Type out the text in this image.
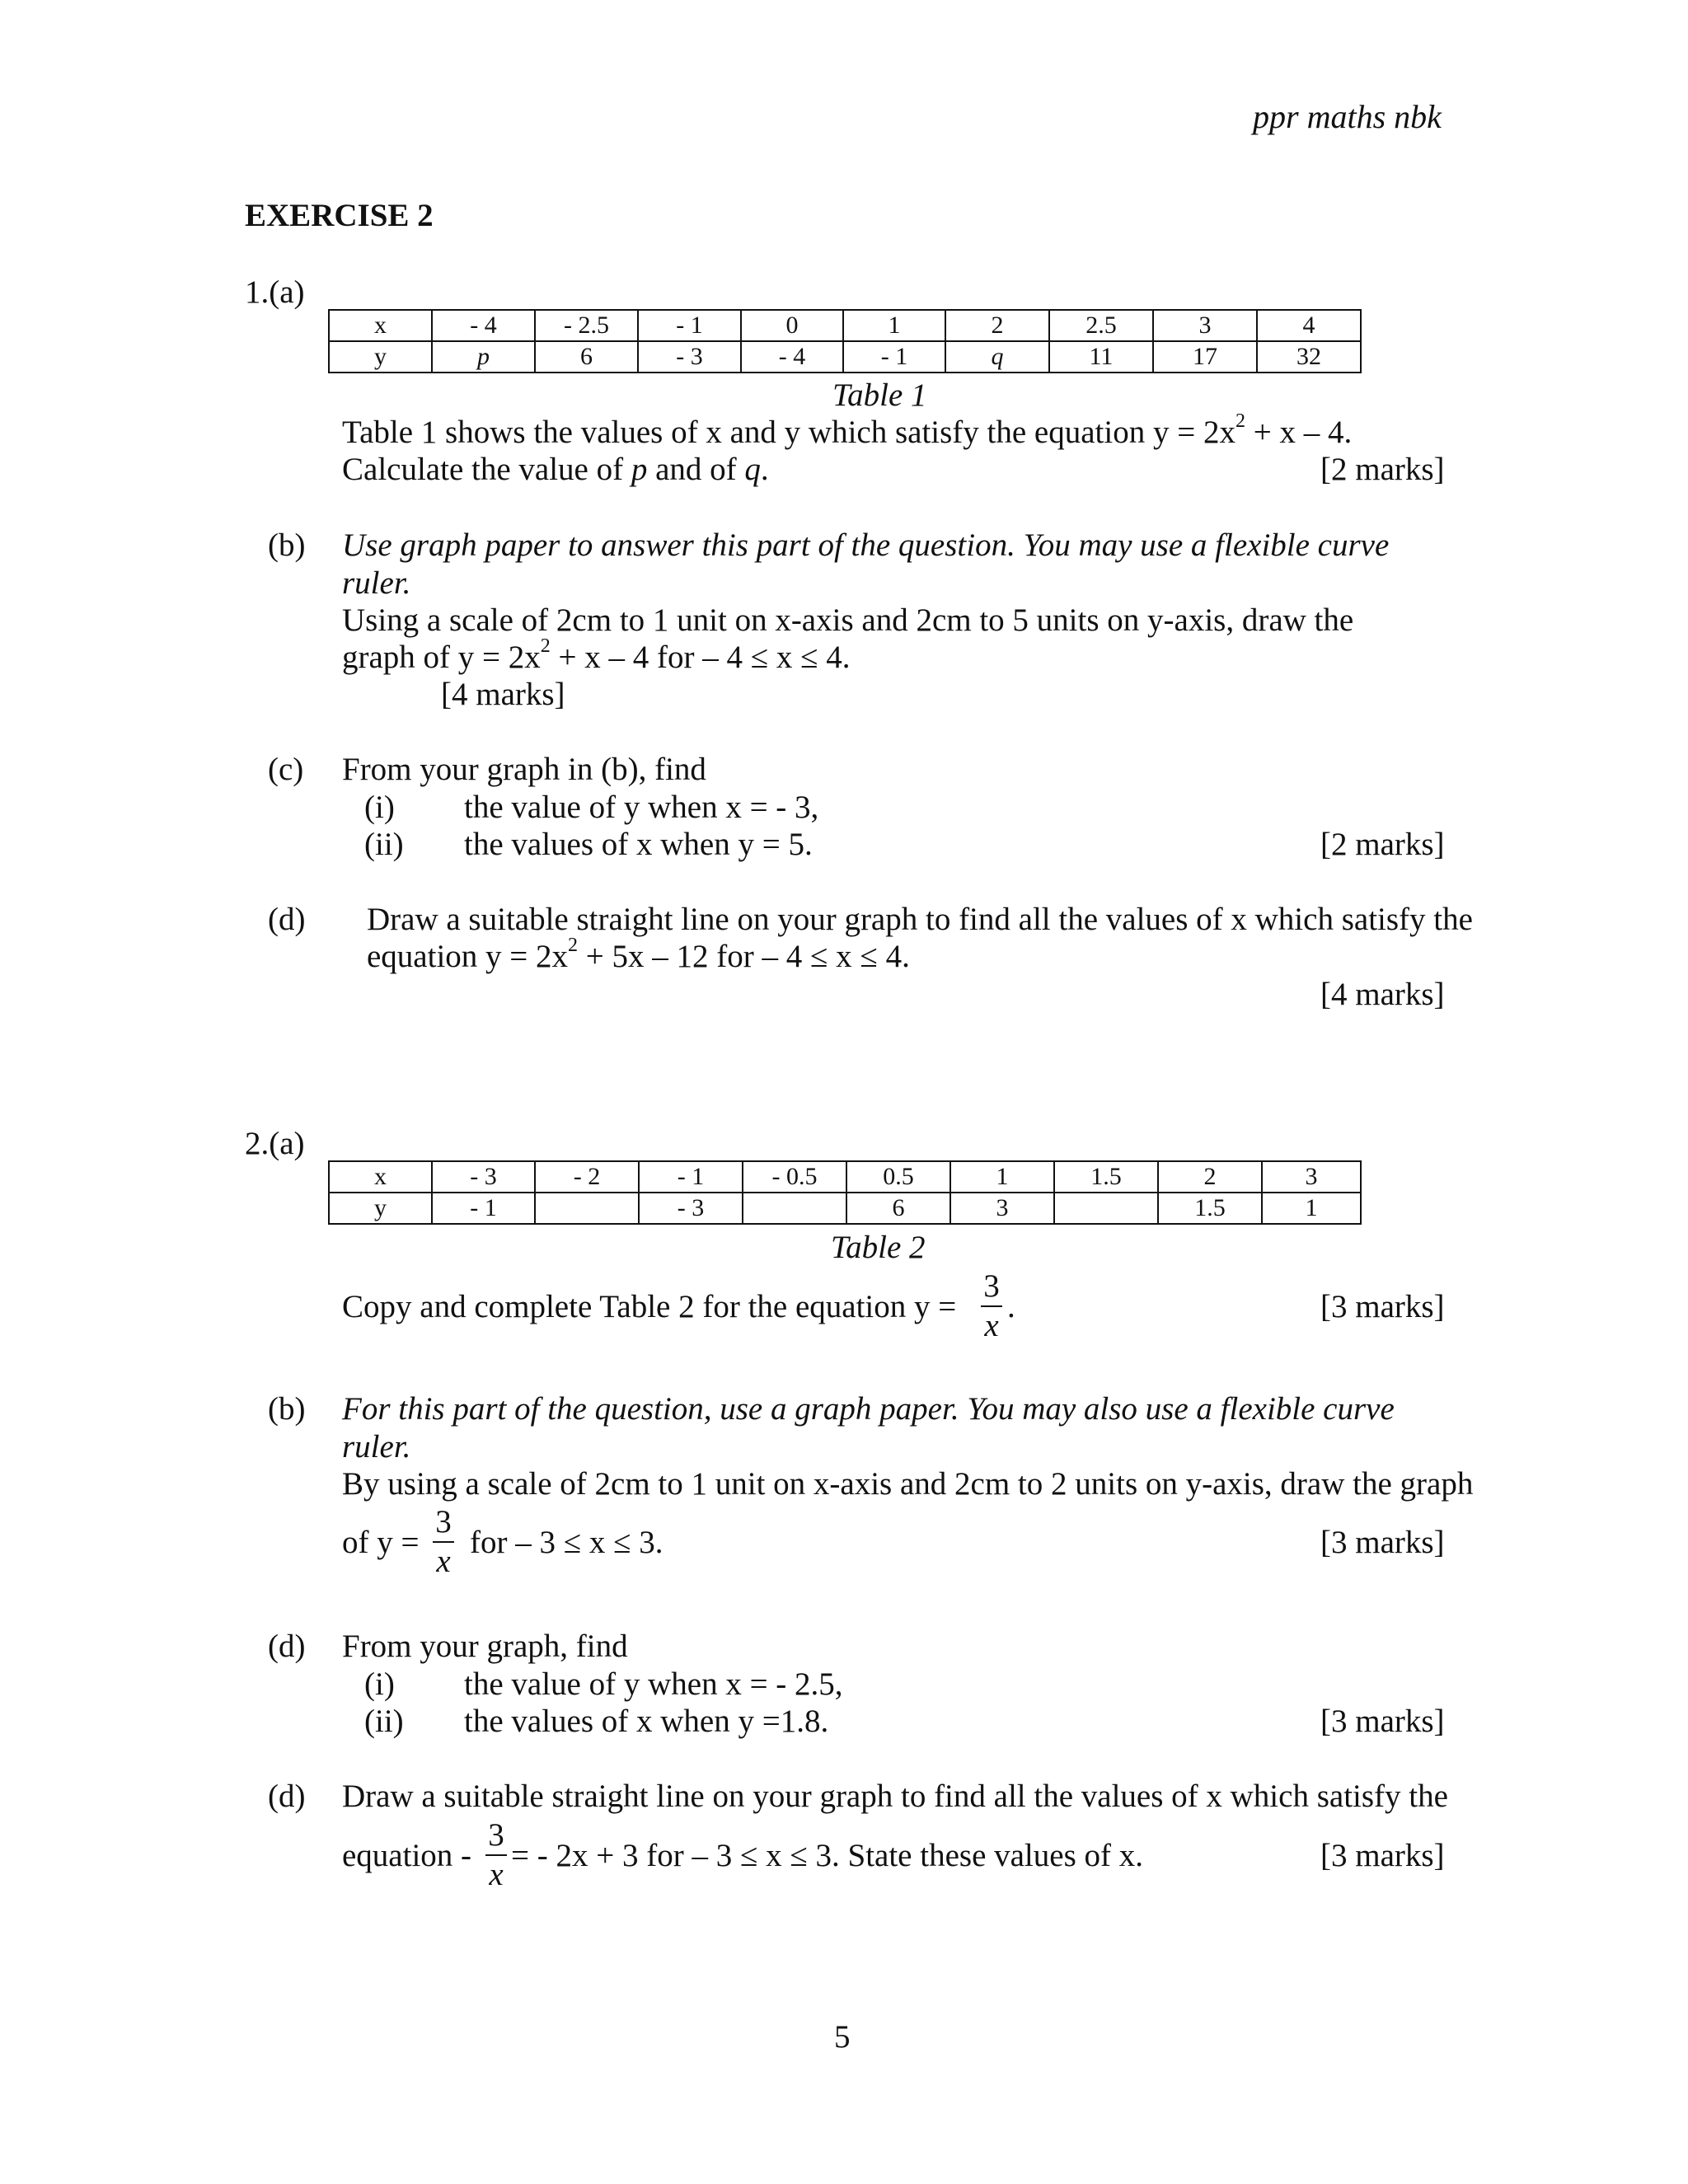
ppr maths nbk
EXERCISE 2
1.(a)
x	- 4	- 2.5	- 1	0	1	2	2.5	3	4
y	p	6	- 3	- 4	- 1	q	11	17	32
Table 1
Table 1 shows the values of x and y which satisfy the equation $y = 2x^2 + x - 4$.
Calculate the value of p and of q.	[2 marks]
(b) Use graph paper to answer this part of the question. You may use a flexible curve
ruler.
Using a scale of 2cm to 1 unit on x-axis and 2cm to 5 units on y-axis, draw the
graph of $y = 2x^2 + x - 4$ for – 4 ≤ x ≤ 4.
[4 marks]
(c) From your graph in (b), find
(i) the value of y when x = - 3,
(ii) the values of x when y = 5.	[2 marks]
(d) Draw a suitable straight line on your graph to find all the values of x which satisfy the
equation $y = 2x^2 + 5x - 12$ for – 4 ≤ x ≤ 4.
[4 marks]
2.(a)
x	- 3	- 2	- 1	- 0.5	0.5	1	1.5	2	3
y	- 1		- 3		6	3		1.5	1
Table 2
Copy and complete Table 2 for the equation y =
3
x
.	[3 marks]
(b) For this part of the question, use a graph paper. You may also use a flexible curve
ruler.
By using a scale of 2cm to 1 unit on x-axis and 2cm to 2 units on y-axis, draw the graph
of y =
3
x
for – 3 ≤ x ≤ 3.	[3 marks]
(d) From your graph, find
(i) the value of y when x = - 2.5,
(ii) the values of x when y =1.8.	[3 marks]
(d) Draw a suitable straight line on your graph to find all the values of x which satisfy the
equation -
3
x
= - 2x + 3 for – 3 ≤ x ≤ 3. State these values of x.	[3 marks]
5
